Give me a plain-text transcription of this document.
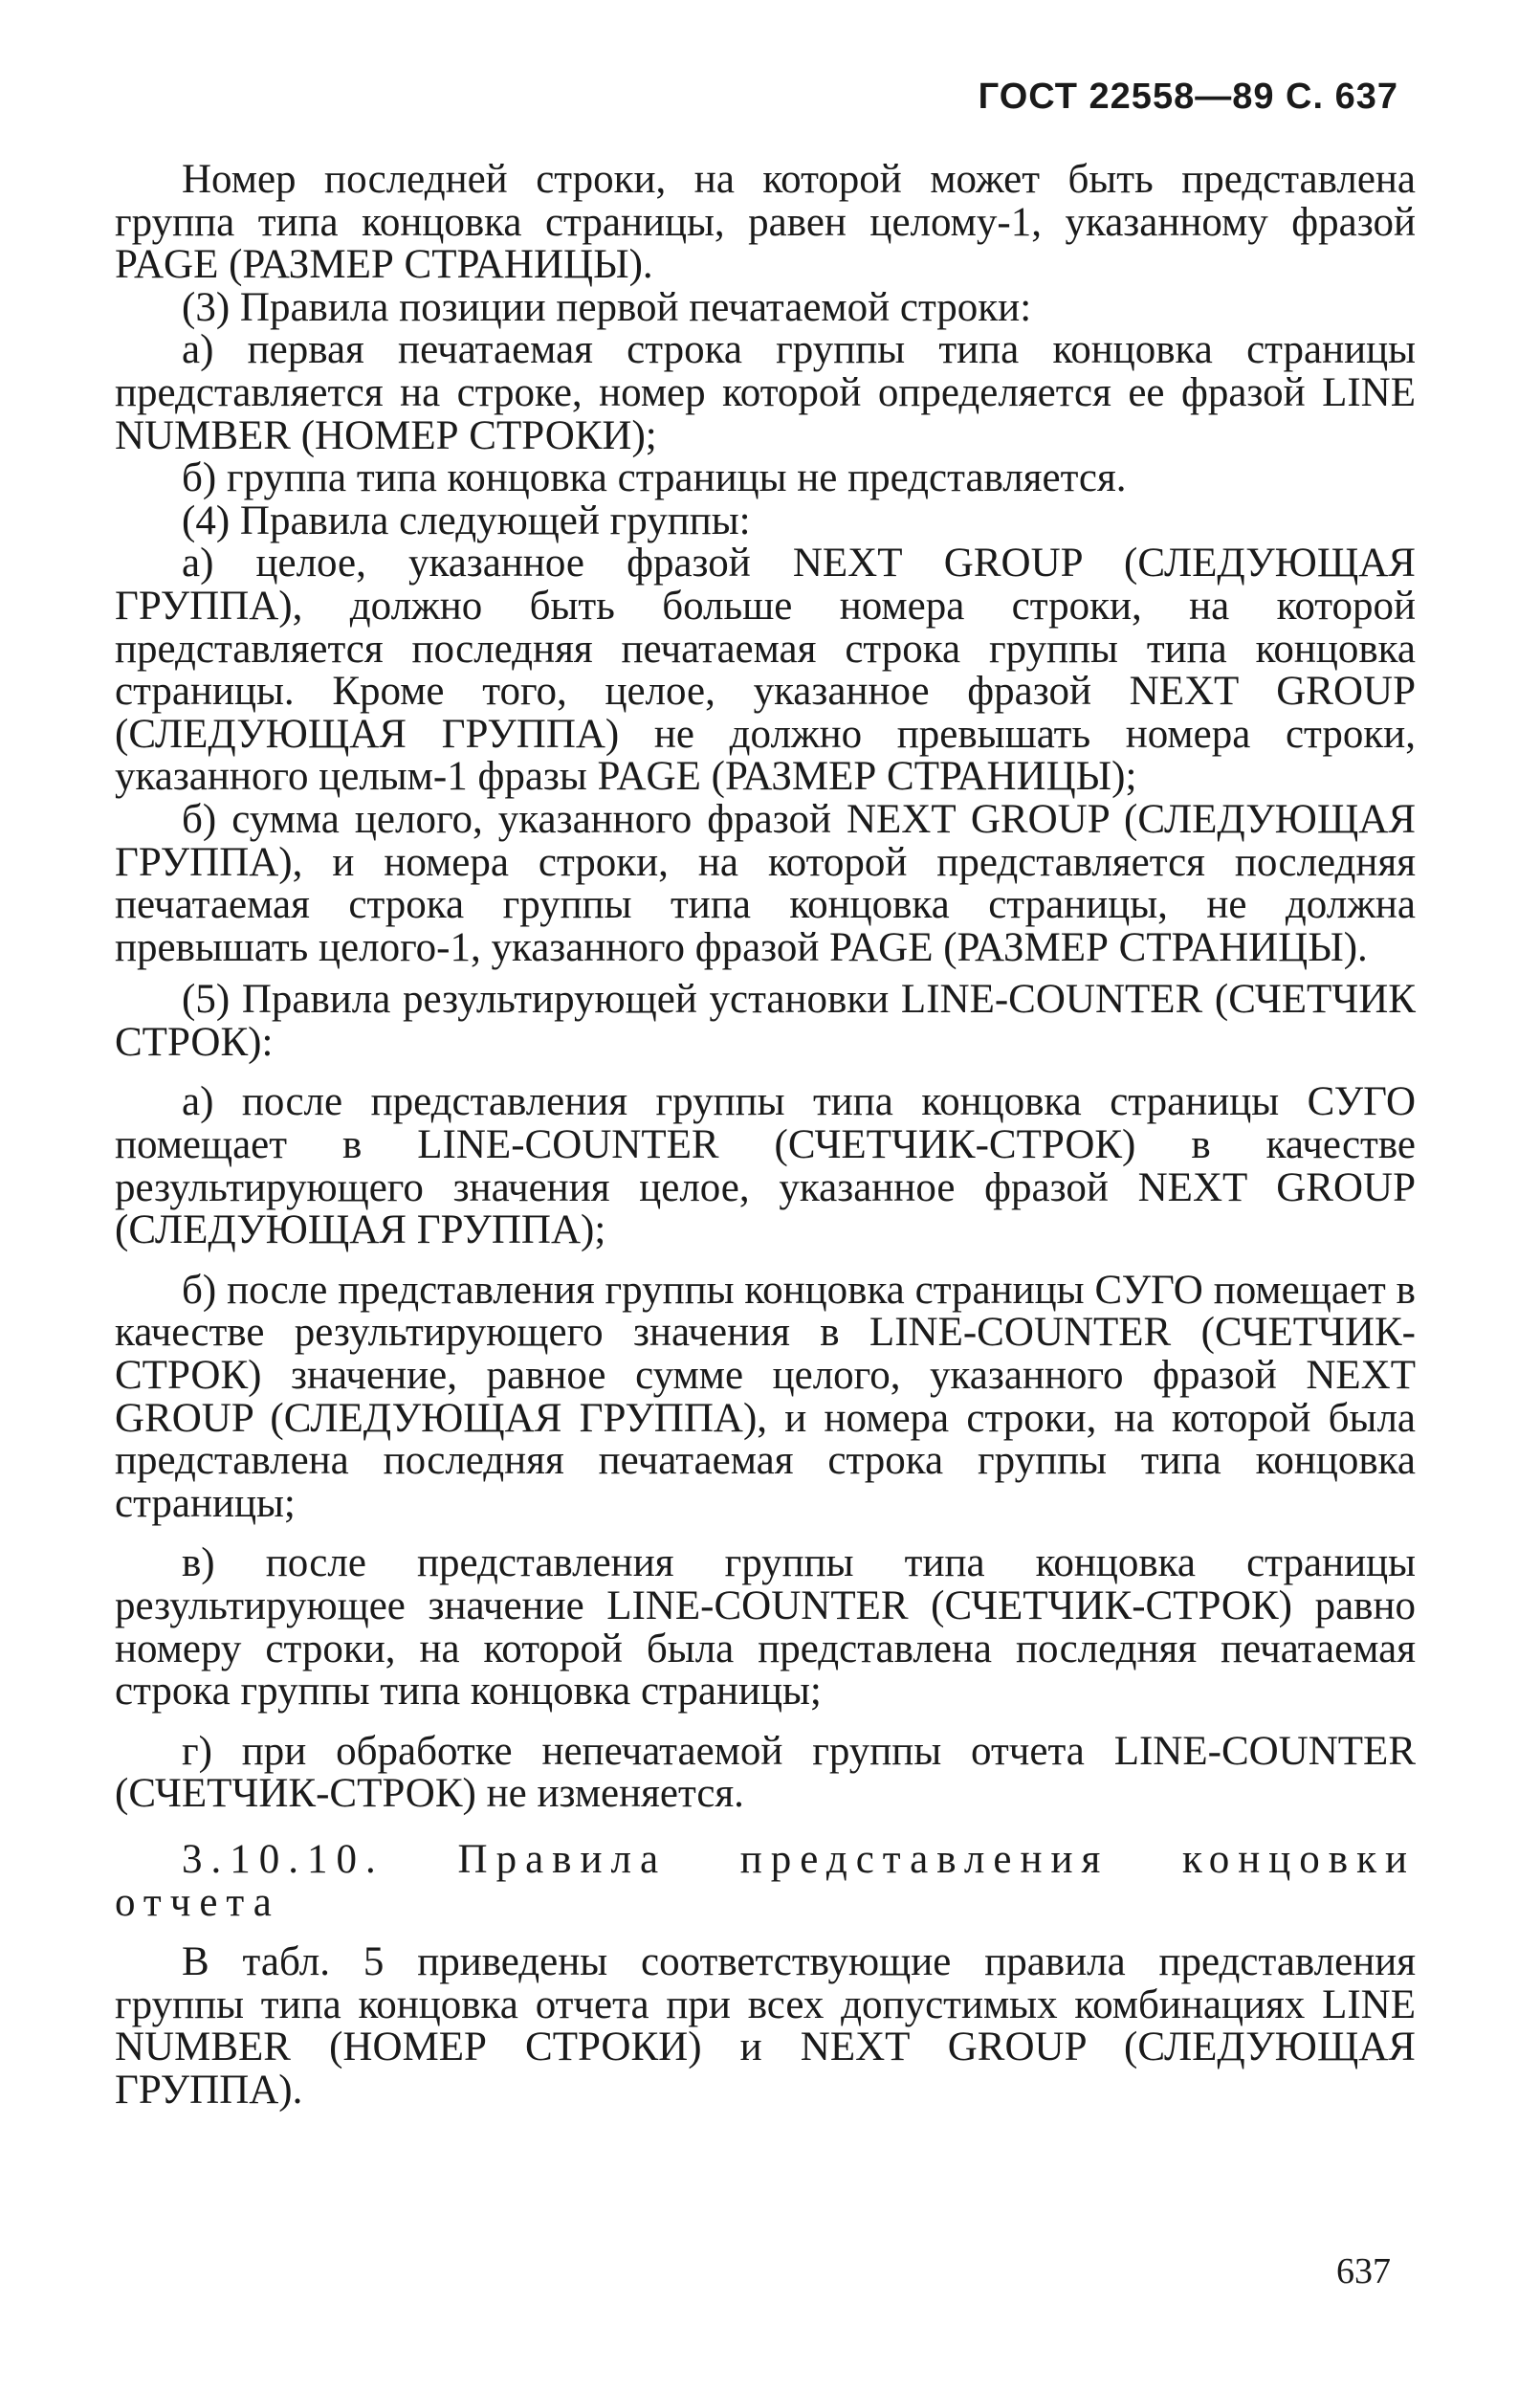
ГОСТ 22558—89 С. 637

Номер последней строки, на которой может быть представлена группа типа концовка страницы, равен целому-1, указанному фразой PAGE (РАЗМЕР СТРАНИЦЫ).

(3) Правила позиции первой печатаемой строки:

а) первая печатаемая строка группы типа концовка страницы представляется на строке, номер которой определяется ее фразой LINE NUMBER (НОМЕР СТРОКИ);

б) группа типа концовка страницы не представляется.

(4) Правила следующей группы:

а) целое, указанное фразой NEXT GROUP (СЛЕДУЮЩАЯ ГРУППА), должно быть больше номера строки, на которой представляется последняя печатаемая строка группы типа концовка страницы. Кроме того, целое, указанное фразой NEXT GROUP (СЛЕДУЮЩАЯ ГРУППА) не должно превышать номера строки, указанного целым-1 фразы PAGE (РАЗМЕР СТРАНИЦЫ);

б) сумма целого, указанного фразой NEXT GROUP (СЛЕДУЮЩАЯ ГРУППА), и номера строки, на которой представляется последняя печатаемая строка группы типа концовка страницы, не должна превышать целого-1, указанного фразой PAGE (РАЗМЕР СТРАНИЦЫ).

(5) Правила результирующей установки LINE-COUNTER (СЧЕТЧИК СТРОК):

а) после представления группы типа концовка страницы СУГО помещает в LINE-COUNTER (СЧЕТЧИК-СТРОК) в качестве результирующего значения целое, указанное фразой NEXT GROUP (СЛЕДУЮЩАЯ ГРУППА);

б) после представления группы концовка страницы СУГО помещает в качестве результирующего значения в LINE-COUNTER (СЧЕТЧИК-СТРОК) значение, равное сумме целого, указанного фразой NEXT GROUP (СЛЕДУЮЩАЯ ГРУППА), и номера строки, на которой была представлена последняя печатаемая строка группы типа концовка страницы;

в) после представления группы типа концовка страницы результирующее значение LINE-COUNTER (СЧЕТЧИК-СТРОК) равно номеру строки, на которой была представлена последняя печатаемая строка группы типа концовка страницы;

г) при обработке непечатаемой группы отчета LINE-COUNTER (СЧЕТЧИК-СТРОК) не изменяется.

3.10.10. Правила представления концовки отчета

В табл. 5 приведены соответствующие правила представления группы типа концовка отчета при всех допустимых комбинациях LINE NUMBER (НОМЕР СТРОКИ) и NEXT GROUP (СЛЕДУЮЩАЯ ГРУППА).

637
